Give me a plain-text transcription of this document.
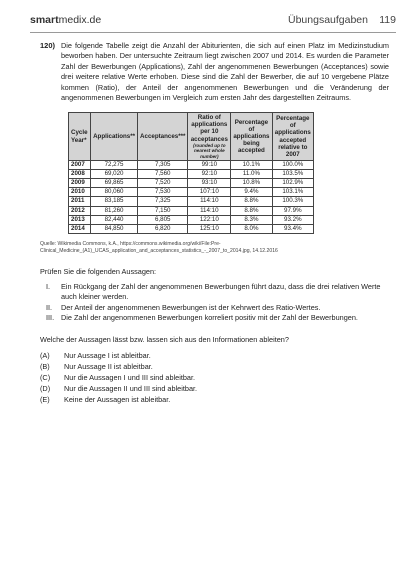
smartmedix.de	Übungsaufgaben 119
120) Die folgende Tabelle zeigt die Anzahl der Abiturienten, die sich auf einen Platz im Medizinstudium beworben haben. Der untersuchte Zeitraum liegt zwischen 2007 und 2014. Es wurden die Parameter Zahl der Bewerbungen (Applications), Zahl der angenommenen Bewerbungen (Acceptances) sowie drei weitere relative Werte erhoben. Diese sind die Zahl der Bewerber, die auf 10 vergebene Plätze kommen (Ratio), der Anteil der angenommenen Bewerbungen und die Veränderung der angenommenen Bewerbungen im Vergleich zum ersten Jahr des dargestellten Zeitraums.
Cycle Year*	Applications**	Acceptances***	Ratio of applications per 10 acceptances
(rounded up to nearest whole number)	Percentage of applications being accepted	Percentage of applications accepted relative to 2007
2007	72,275	7,305	99:10	10.1%	100.0%
2008	69,020	7,560	92:10	11.0%	103.5%
2009	69,865	7,520	93:10	10.8%	102.9%
2010	80,060	7,530	107:10	9.4%	103.1%
2011	83,185	7,325	114:10	8.8%	100.3%
2012	81,260	7,150	114:10	8.8%	97.9%
2013	82,440	6,805	122:10	8.3%	93.2%
2014	84,850	6,820	125:10	8.0%	93.4%
Quelle: Wikimedia Commons, k.A., https://commons.wikimedia.org/wiki/File:Pre-Clinical_Medicine_(A1)_UCAS_application_and_acceptances_statistics_-_2007_to_2014.jpg, 14.12.2016
Prüfen Sie die folgenden Aussagen:
I. Ein Rückgang der Zahl der angenommenen Bewerbungen führt dazu, dass die drei relativen Werte auch kleiner werden.
II. Der Anteil der angenommenen Bewerbungen ist der Kehrwert des Ratio-Wertes.
III. Die Zahl der angenommenen Bewerbungen korreliert positiv mit der Zahl der Bewerbungen.
Welche der Aussagen lässt bzw. lassen sich aus den Informationen ableiten?
(A) Nur Aussage I ist ableitbar.
(B) Nur Aussage II ist ableitbar.
(C) Nur die Aussagen I und III sind ableitbar.
(D) Nur die Aussagen II und III sind ableitbar.
(E) Keine der Aussagen ist ableitbar.
